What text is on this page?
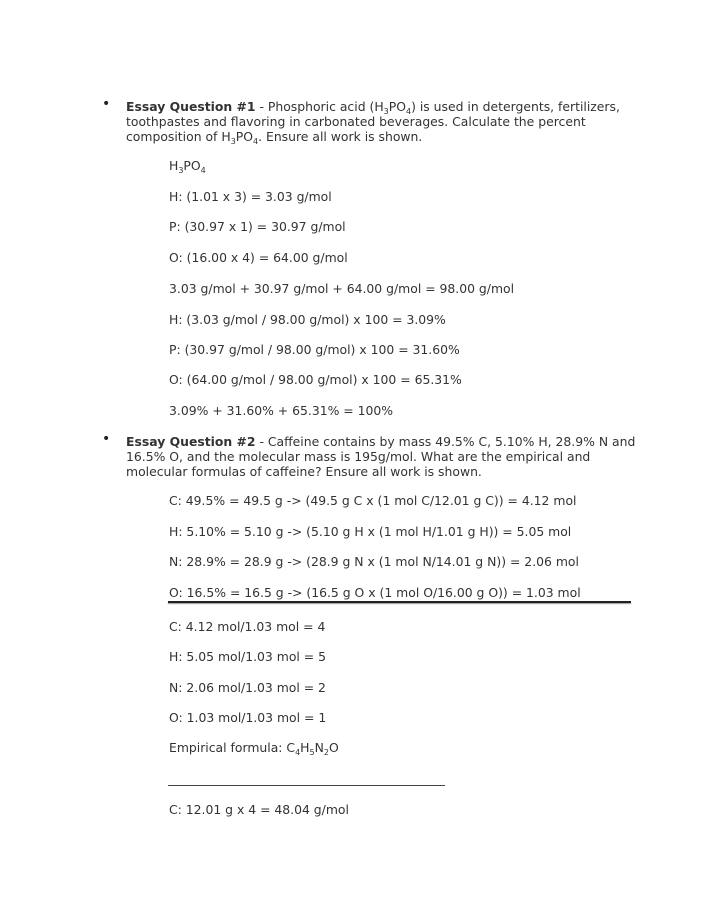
• Essay Question #1 - Phosphoric acid $(H_3PO_4)$ is used in detergents, fertilizers, toothpastes and flavoring in carbonated beverages. Calculate the percent composition of $H_3PO_4$. Ensure all work is shown.
$H_3PO_4$
H: (1.01 x 3) = 3.03 g/mol
P: (30.97 x 1) = 30.97 g/mol
O: (16.00 x 4) = 64.00 g/mol
3.03 g/mol + 30.97 g/mol + 64.00 g/mol = 98.00 g/mol
H: (3.03 g/mol / 98.00 g/mol) x 100 = 3.09%
P: (30.97 g/mol / 98.00 g/mol) x 100 = 31.60%
O: (64.00 g/mol / 98.00 g/mol) x 100 = 65.31%
3.09% + 31.60% + 65.31% = 100%
• Essay Question #2 - Caffeine contains by mass 49.5% C, 5.10% H, 28.9% N and 16.5% O, and the molecular mass is 195g/mol. What are the empirical and molecular formulas of caffeine? Ensure all work is shown.
C: 49.5% = 49.5 g -> (49.5 g C x (1 mol C/12.01 g C)) = 4.12 mol
H: 5.10% = 5.10 g -> (5.10 g H x (1 mol H/1.01 g H)) = 5.05 mol
N: 28.9% = 28.9 g -> (28.9 g N x (1 mol N/14.01 g N)) = 2.06 mol
O: 16.5% = 16.5 g -> (16.5 g O x (1 mol O/16.00 g O)) = 1.03 mol
C: 4.12 mol/1.03 mol = 4
H: 5.05 mol/1.03 mol = 5
N: 2.06 mol/1.03 mol = 2
O: 1.03 mol/1.03 mol = 1
Empirical formula: $C_4H_5N_2O$
C: 12.01 g x 4 = 48.04 g/mol
